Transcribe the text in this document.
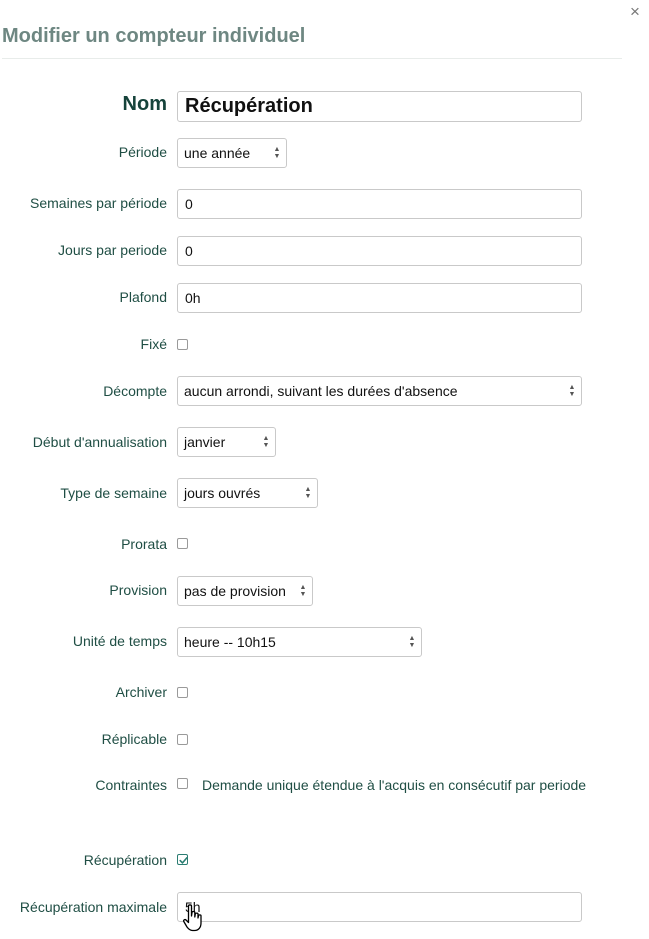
×
Modifier un compteur individuel
Nom Récupération
Période	une année	▲
▼
Semaines par période	0
Jours par periode	0
Plafond	0h
Fixé
Décompte	aucun arrondi, suivant les durées d'absence	▲
▼
Début d'annualisation	janvier	▲
▼
Type de semaine	jours ouvrés	▲
▼
Prorata
Provision	pas de provision ▲
▼
Unité de temps	heure -- 10h15	▲
▼
Archiver
Réplicable
Contraintes	Demande unique étendue à l'acquis en consécutif par periode
Récupération
Récupération maximale	5h
